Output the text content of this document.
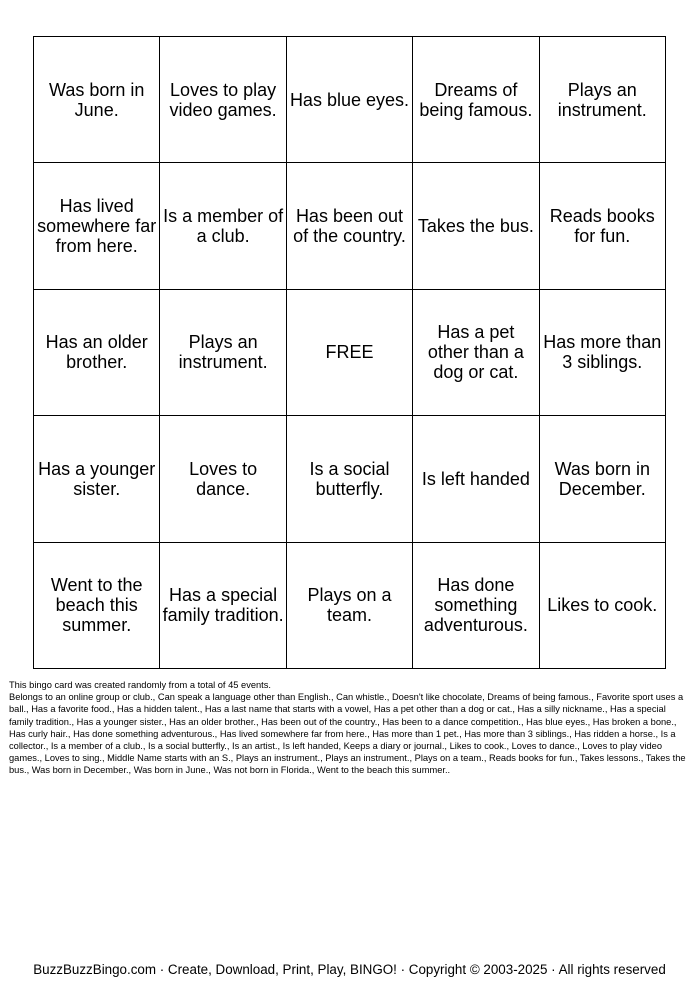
Was born in June.	Loves to play video games.	Has blue eyes.	Dreams of being famous.	Plays an instrument.
Has lived somewhere far from here.	Is a member of a club.	Has been out of the country.	Takes the bus.	Reads books for fun.
Has an older brother.	Plays an instrument.	FREE	Has a pet other than a dog or cat.	Has more than 3 siblings.
Has a younger sister.	Loves to dance.	Is a social butterfly.	Is left handed	Was born in December.
Went to the beach this summer.	Has a special family tradition.	Plays on a team.	Has done something adventurous.	Likes to cook.

This bingo card was created randomly from a total of 45 events.

Belongs to an online group or club., Can speak a language other than English., Can whistle., Doesn't like chocolate, Dreams of being famous., Favorite sport uses a ball., Has a favorite food., Has a hidden talent., Has a last name that starts with a vowel, Has a pet other than a dog or cat., Has a silly nickname., Has a special family tradition., Has a younger sister., Has an older brother., Has been out of the country., Has been to a dance competition., Has blue eyes., Has broken a bone., Has curly hair., Has done something adventurous., Has lived somewhere far from here., Has more than 1 pet., Has more than 3 siblings., Has ridden a horse., Is a collector., Is a member of a club., Is a social butterfly., Is an artist., Is left handed, Keeps a diary or journal., Likes to cook., Loves to dance., Loves to play video games., Loves to sing., Middle Name starts with an S., Plays an instrument., Plays an instrument., Plays on a team., Reads books for fun., Takes lessons., Takes the bus., Was born in December., Was born in June., Was not born in Florida., Went to the beach this summer..

BuzzBuzzBingo.com · Create, Download, Print, Play, BINGO! · Copyright © 2003-2025 · All rights reserved
